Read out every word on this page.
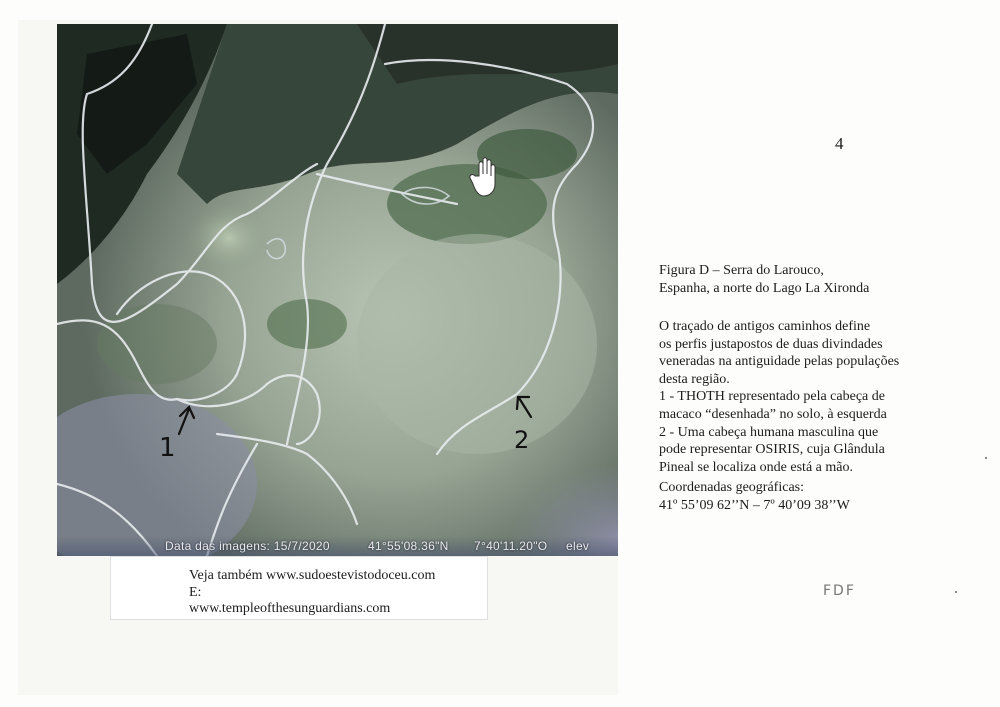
1	2
Data das imagens: 15/7/2020	41°55'08.36"N 7°40'11.20"O elev
Veja também www.sudoestevistodoceu.com
E:
www.templeofthesunguardians.com
4
Figura D – Serra do Larouco,
Espanha, a norte do Lago La Xironda

O traçado de antigos caminhos define

os perfis justapostos de duas divindades

veneradas na antiguidade pelas populações

desta região.

1 - THOTH representado pela cabeça de

macaco “desenhada” no solo, à esquerda

2 - Uma cabeça humana masculina que

pode representar OSIRIS, cuja Glândula

Pineal se localiza onde está a mão.

Coordenadas geográficas:
41º 55’09 62’’N – 7º 40’09 38’’W
FDF
